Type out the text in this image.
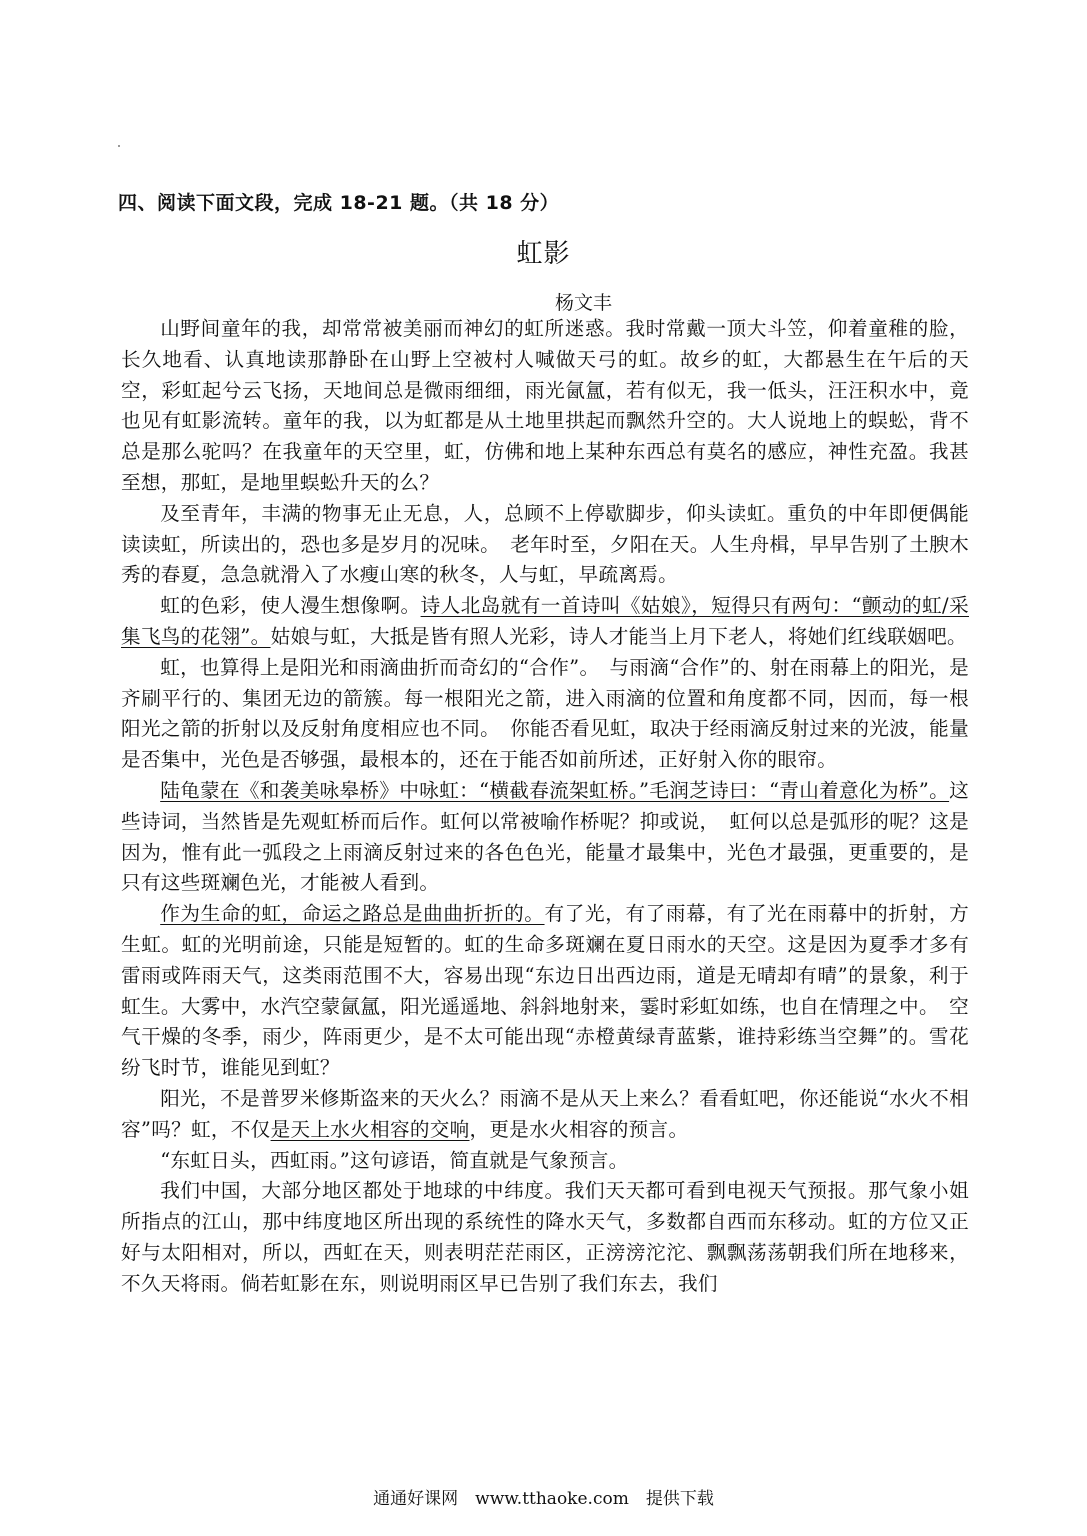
四、阅读下面文段，完成 18-21 题。（共 18 分）
虹影
杨文丰

山野间童年的我，却常常被美丽而神幻的虹所迷惑。我时常戴一顶大斗笠，仰着童稚的脸，长久地看、认真地读那静卧在山野上空被村人喊做天弓的虹。故乡的虹，大都悬生在午后的天空，彩虹起兮云飞扬，天地间总是微雨细细，雨光氤氲，若有似无，我一低头，汪汪积水中，竟也见有虹影流转。童年的我，以为虹都是从土地里拱起而飘然升空的。大人说地上的蜈蚣，背不总是那么驼吗？在我童年的天空里，虹，仿佛和地上某种东西总有莫名的感应，神性充盈。我甚至想，那虹，是地里蜈蚣升天的么？

及至青年，丰满的物事无止无息，人，总顾不上停歇脚步，仰头读虹。重负的中年即便偶能读读虹，所读出的，恐也多是岁月的况味。　老年时至，夕阳在天。人生舟楫，早早告别了土腴木秀的春夏，急急就滑入了水瘦山寒的秋冬，人与虹，早疏离焉。

虹的色彩，使人漫生想像啊。诗人北岛就有一首诗叫《姑娘》，短得只有两句：“颤动的虹/采集飞鸟的花翎”。姑娘与虹，大抵是皆有照人光彩，诗人才能当上月下老人，将她们红线联姻吧。

虹，也算得上是阳光和雨滴曲折而奇幻的“合作”。　与雨滴“合作”的、射在雨幕上的阳光，是齐刷平行的、集团无边的箭簇。每一根阳光之箭，进入雨滴的位置和角度都不同，因而，每一根阳光之箭的折射以及反射角度相应也不同。　你能否看见虹，取决于经雨滴反射过来的光波，能量是否集中，光色是否够强，最根本的，还在于能否如前所述，正好射入你的眼帘。

陆龟蒙在《和袭美咏皋桥》中咏虹：“横截春流架虹桥。”毛润芝诗曰：“青山着意化为桥”。这些诗词，当然皆是先观虹桥而后作。虹何以常被喻作桥呢？抑或说，　虹何以总是弧形的呢？这是因为，惟有此一弧段之上雨滴反射过来的各色色光，能量才最集中，光色才最强，更重要的，是只有这些斑斓色光，才能被人看到。

作为生命的虹，命运之路总是曲曲折折的。有了光，有了雨幕，有了光在雨幕中的折射，方生虹。虹的光明前途，只能是短暂的。虹的生命多斑斓在夏日雨水的天空。这是因为夏季才多有雷雨或阵雨天气，这类雨范围不大，容易出现“东边日出西边雨，道是无晴却有晴”的景象，利于虹生。大雾中，水汽空蒙氤氲，阳光遥遥地、斜斜地射来，霎时彩虹如练，也自在情理之中。　空气干燥的冬季，雨少，阵雨更少，是不太可能出现“赤橙黄绿青蓝紫，谁持彩练当空舞”的。雪花纷飞时节，谁能见到虹？

阳光，不是普罗米修斯盗来的天火么？雨滴不是从天上来么？看看虹吧，你还能说“水火不相容”吗？虹，不仅是天上水火相容的交响，更是水火相容的预言。

“东虹日头，西虹雨。”这句谚语，简直就是气象预言。

我们中国，大部分地区都处于地球的中纬度。我们天天都可看到电视天气预报。那气象小姐所指点的江山，那中纬度地区所出现的系统性的降水天气，多数都自西而东移动。虹的方位又正好与太阳相对，所以，西虹在天，则表明茫茫雨区，正滂滂沱沱、飘飘荡荡朝我们所在地移来，不久天将雨。倘若虹影在东，则说明雨区早已告别了我们东去，我们

通通好课网　www.tthaoke.com　提供下载
